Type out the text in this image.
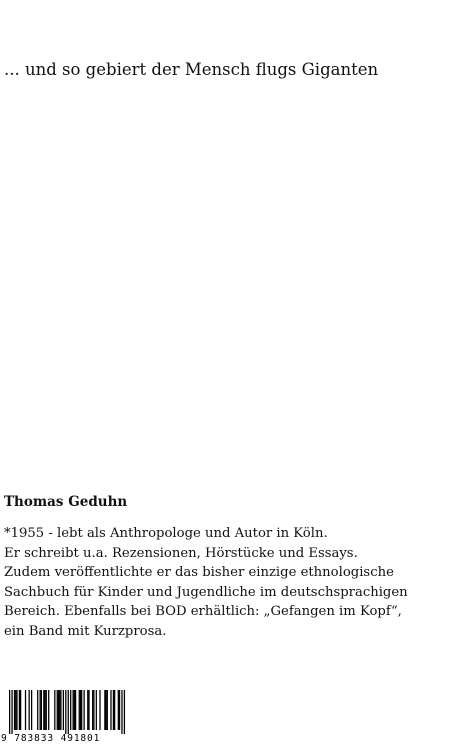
... und so gebiert der Mensch flugs Giganten
Thomas Geduhn
*1955 - lebt als Anthropologe und Autor in Köln.
Er schreibt u.a. Rezensionen, Hörstücke und Essays.
Zudem veröffentlichte er das bisher einzige ethnologische
Sachbuch für Kinder und Jugendliche im deutschsprachigen
Bereich. Ebenfalls bei BOD erhältlich: „Gefangen im Kopf“,
ein Band mit Kurzprosa.
9 783833 491801
